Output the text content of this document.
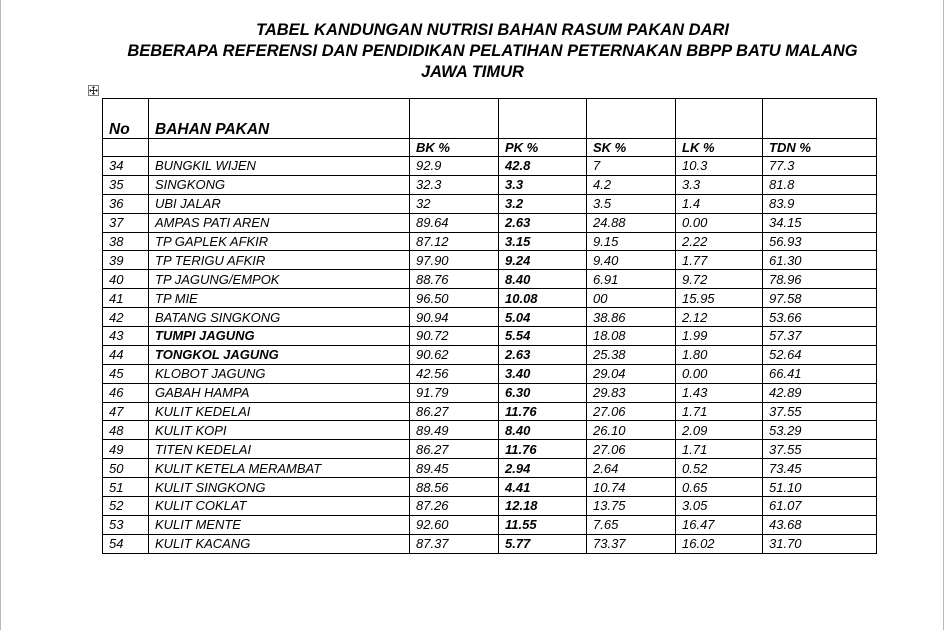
TABEL KANDUNGAN NUTRISI BAHAN RASUM PAKAN DARI
BEBERAPA REFERENSI DAN PENDIDIKAN PELATIHAN PETERNAKAN BBPP BATU MALANG
JAWA TIMUR
No	BAHAN PAKAN					
		BK %	PK %	SK %	LK %	TDN %
34	BUNGKIL WIJEN	92.9	42.8	7	10.3	77.3
35	SINGKONG	32.3	3.3	4.2	3.3	81.8
36	UBI JALAR	32	3.2	3.5	1.4	83.9
37	AMPAS PATI AREN	89.64	2.63	24.88	0.00	34.15
38	TP GAPLEK AFKIR	87.12	3.15	9.15	2.22	56.93
39	TP TERIGU AFKIR	97.90	9.24	9.40	1.77	61.30
40	TP JAGUNG/EMPOK	88.76	8.40	6.91	9.72	78.96
41	TP MIE	96.50	10.08	00	15.95	97.58
42	BATANG SINGKONG	90.94	5.04	38.86	2.12	53.66
43	TUMPI JAGUNG	90.72	5.54	18.08	1.99	57.37
44	TONGKOL JAGUNG	90.62	2.63	25.38	1.80	52.64
45	KLOBOT JAGUNG	42.56	3.40	29.04	0.00	66.41
46	GABAH HAMPA	91.79	6.30	29.83	1.43	42.89
47	KULIT KEDELAI	86.27	11.76	27.06	1.71	37.55
48	KULIT KOPI	89.49	8.40	26.10	2.09	53.29
49	TITEN KEDELAI	86.27	11.76	27.06	1.71	37.55
50	KULIT KETELA MERAMBAT	89.45	2.94	2.64	0.52	73.45
51	KULIT SINGKONG	88.56	4.41	10.74	0.65	51.10
52	KULIT COKLAT	87.26	12.18	13.75	3.05	61.07
53	KULIT MENTE	92.60	11.55	7.65	16.47	43.68
54	KULIT KACANG	87.37	5.77	73.37	16.02	31.70
